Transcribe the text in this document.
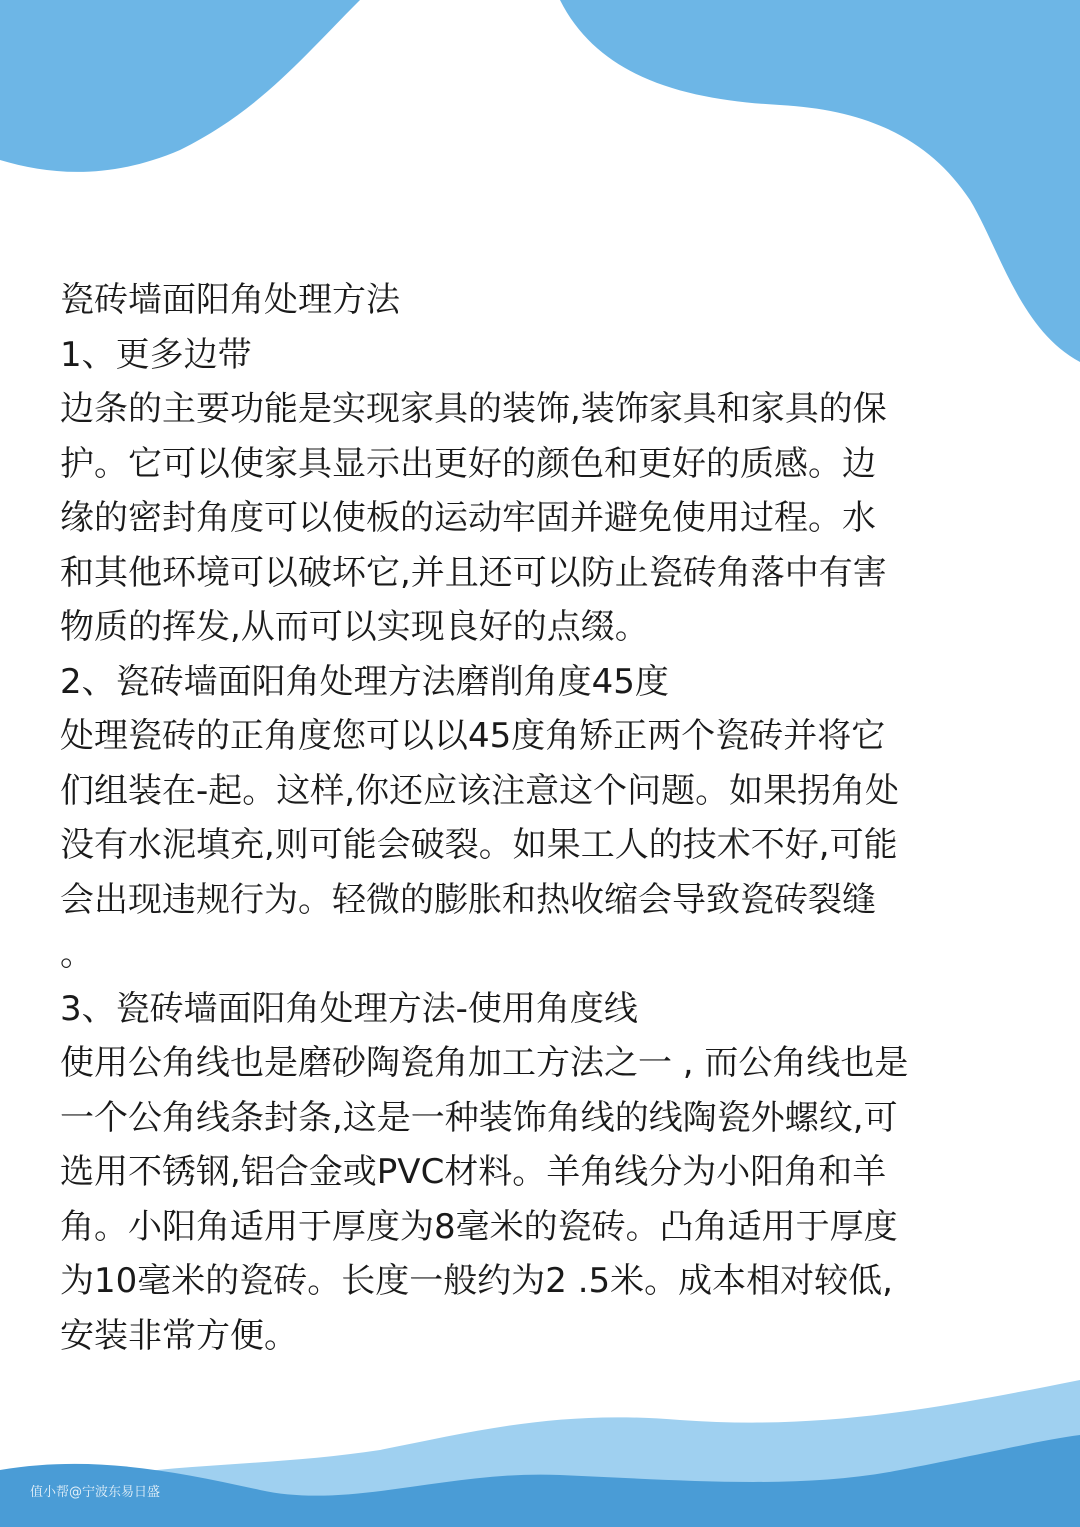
瓷砖墙面阳角处理方法

1、更多边带

边条的主要功能是实现家具的装饰,装饰家具和家具的保

护。它可以使家具显示出更好的颜色和更好的质感。边

缘的密封角度可以使板的运动牢固并避免使用过程。水

和其他环境可以破坏它,并且还可以防止瓷砖角落中有害

物质的挥发,从而可以实现良好的点缀。

2、瓷砖墙面阳角处理方法磨削角度45度

处理瓷砖的正角度您可以以45度角矫正两个瓷砖并将它

们组装在-起。这样,你还应该注意这个问题。如果拐角处

没有水泥填充,则可能会破裂。如果工人的技术不好,可能

会出现违规行为。轻微的膨胀和热收缩会导致瓷砖裂缝

。

3、瓷砖墙面阳角处理方法-使用角度线

使用公角线也是磨砂陶瓷角加工方法之一 , 而公角线也是

一个公角线条封条,这是一种装饰角线的线陶瓷外螺纹,可

选用不锈钢,铝合金或PVC材料。羊角线分为小阳角和羊

角。小阳角适用于厚度为8毫米的瓷砖。凸角适用于厚度

为10毫米的瓷砖。长度一般约为2 .5米。成本相对较低,

安装非常方便。

值小帮@宁波东易日盛
